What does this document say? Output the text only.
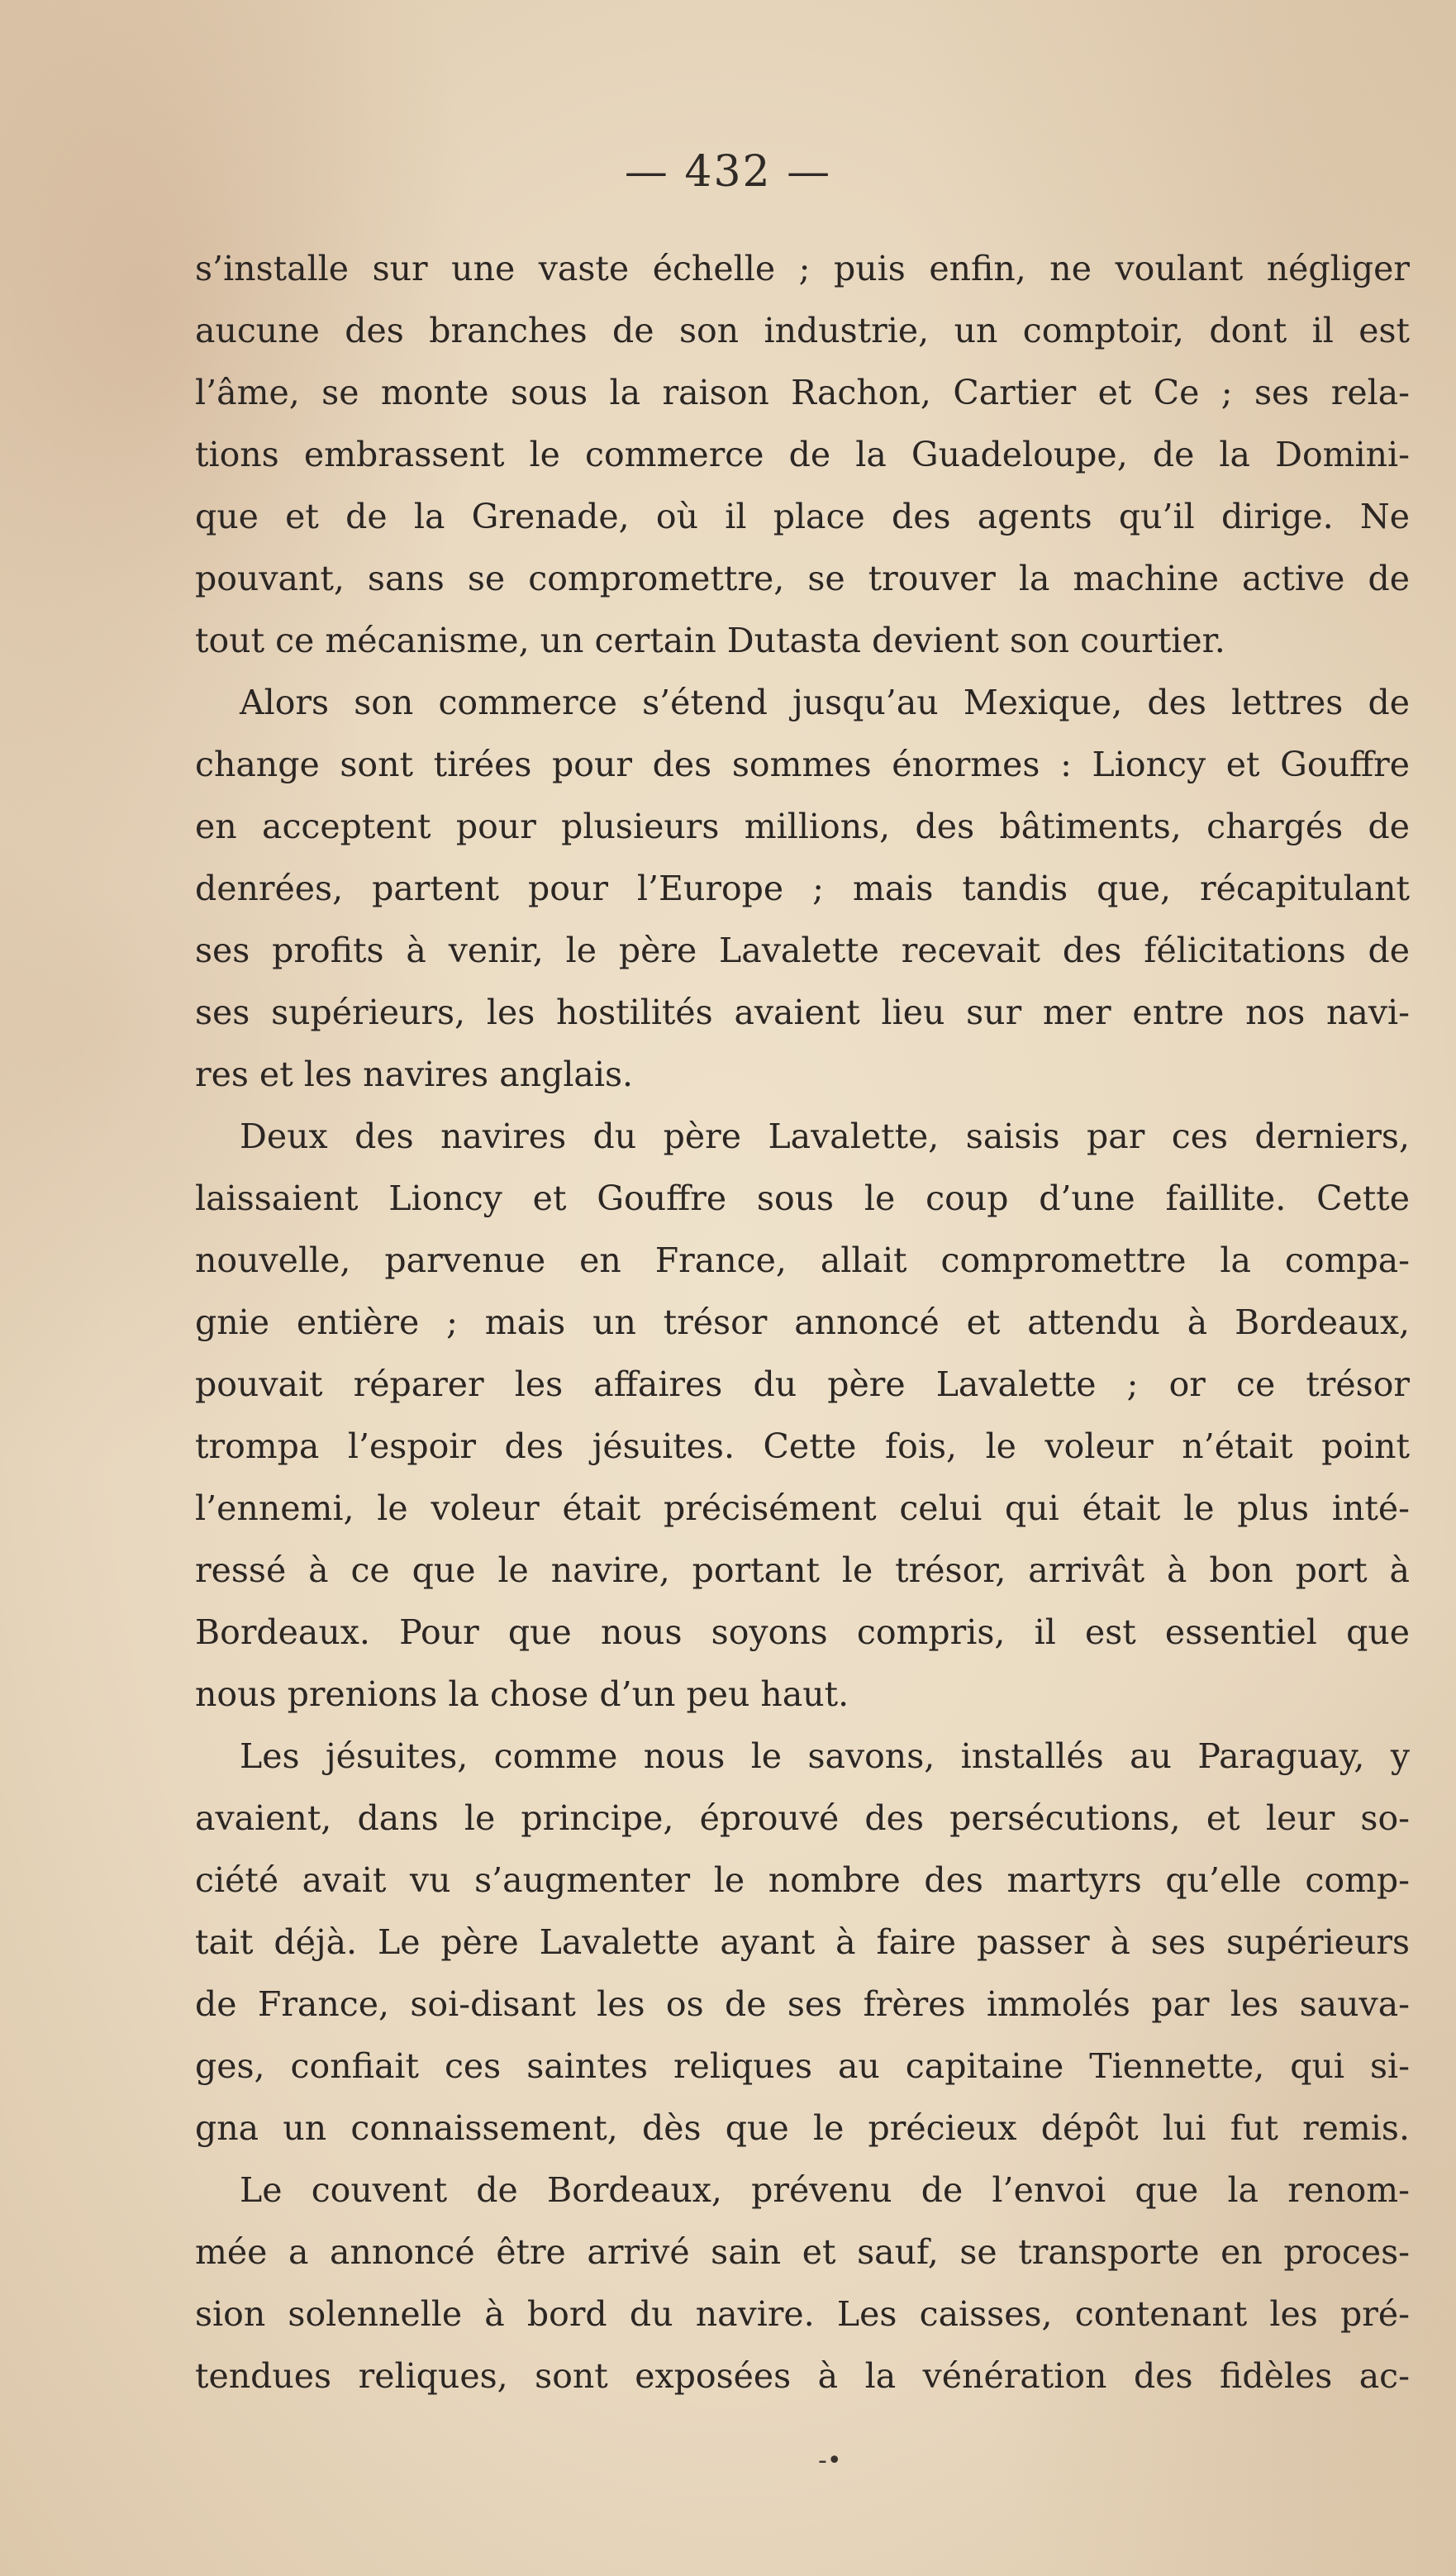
— 432 —
s’installe sur une vaste échelle ; puis enfin, ne voulant négliger
aucune des branches de son industrie, un comptoir, dont il est
l’âme, se monte sous la raison Rachon, Cartier et Ce ; ses rela-
tions embrassent le commerce de la Guadeloupe, de la Domini-
que et de la Grenade, où il place des agents qu’il dirige. Ne
pouvant, sans se compromettre, se trouver la machine active de
tout ce mécanisme, un certain Dutasta devient son courtier.
Alors son commerce s’étend jusqu’au Mexique, des lettres de
change sont tirées pour des sommes énormes : Lioncy et Gouffre
en acceptent pour plusieurs millions, des bâtiments, chargés de
denrées, partent pour l’Europe ; mais tandis que, récapitulant
ses profits à venir, le père Lavalette recevait des félicitations de
ses supérieurs, les hostilités avaient lieu sur mer entre nos navi-
res et les navires anglais.
Deux des navires du père Lavalette, saisis par ces derniers,
laissaient Lioncy et Gouffre sous le coup d’une faillite. Cette
nouvelle, parvenue en France, allait compromettre la compa-
gnie entière ; mais un trésor annoncé et attendu à Bordeaux,
pouvait réparer les affaires du père Lavalette ; or ce trésor
trompa l’espoir des jésuites. Cette fois, le voleur n’était point
l’ennemi, le voleur était précisément celui qui était le plus inté-
ressé à ce que le navire, portant le trésor, arrivât à bon port à
Bordeaux. Pour que nous soyons compris, il est essentiel que
nous prenions la chose d’un peu haut.
Les jésuites, comme nous le savons, installés au Paraguay, y
avaient, dans le principe, éprouvé des persécutions, et leur so-
ciété avait vu s’augmenter le nombre des martyrs qu’elle comp-
tait déjà. Le père Lavalette ayant à faire passer à ses supérieurs
de France, soi-disant les os de ses frères immolés par les sauva-
ges, confiait ces saintes reliques au capitaine Tiennette, qui si-
gna un connaissement, dès que le précieux dépôt lui fut remis.
Le couvent de Bordeaux, prévenu de l’envoi que la renom-
mée a annoncé être arrivé sain et sauf, se transporte en proces-
sion solennelle à bord du navire. Les caisses, contenant les pré-
tendues reliques, sont exposées à la vénération des fidèles ac-
-•
